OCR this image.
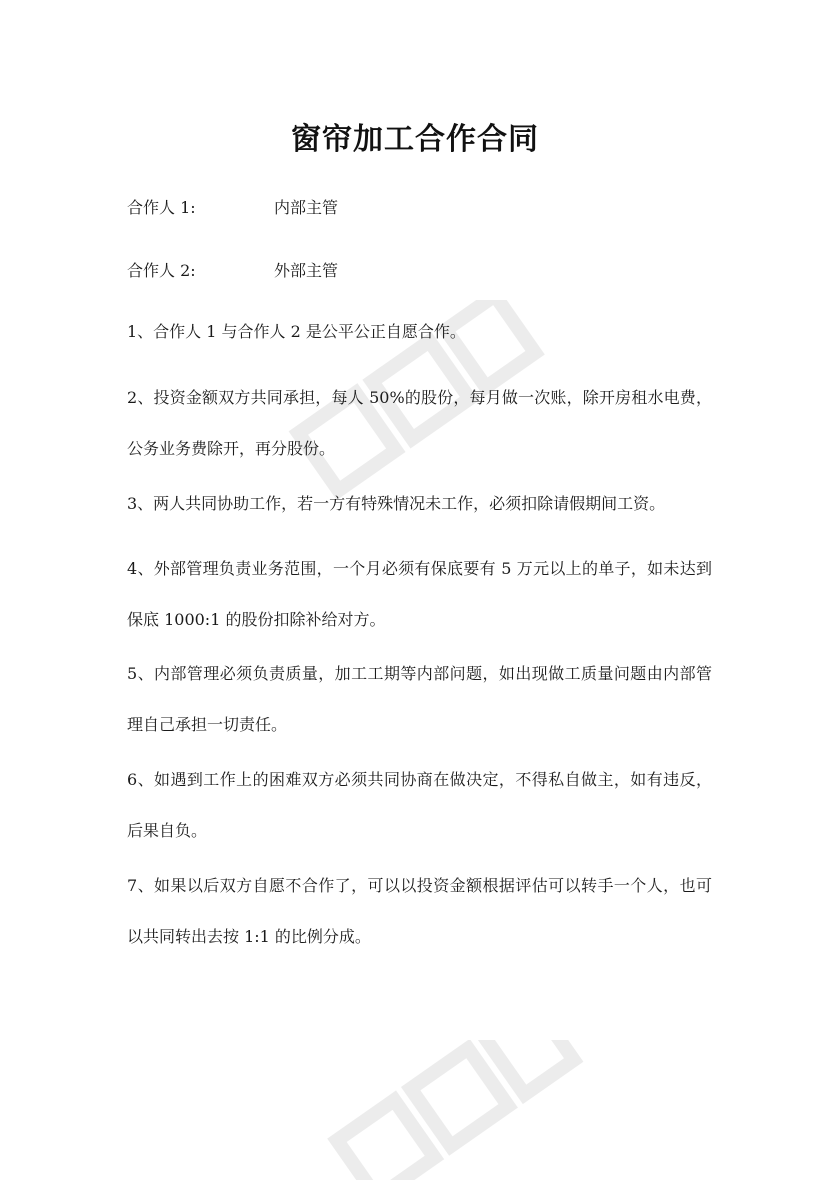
窗帘加工合作合同
合作人 1:	内部主管
合作人 2:	外部主管

1、合作人 1 与合作人 2 是公平公正自愿合作。

2、投资金额双方共同承担，每人 50%的股份，每月做一次账，除开房租水电费，公务业务费除开，再分股份。

3、两人共同协助工作，若一方有特殊情况未工作，必须扣除请假期间工资。

4、外部管理负责业务范围，一个月必须有保底要有 5 万元以上的单子，如未达到保底 1000:1 的股份扣除补给对方。

5、内部管理必须负责质量，加工工期等内部问题，如出现做工质量问题由内部管理自己承担一切责任。

6、如遇到工作上的困难双方必须共同协商在做决定，不得私自做主，如有违反，后果自负。

7、如果以后双方自愿不合作了，可以以投资金额根据评估可以转手一个人，也可以共同转出去按 1:1 的比例分成。
